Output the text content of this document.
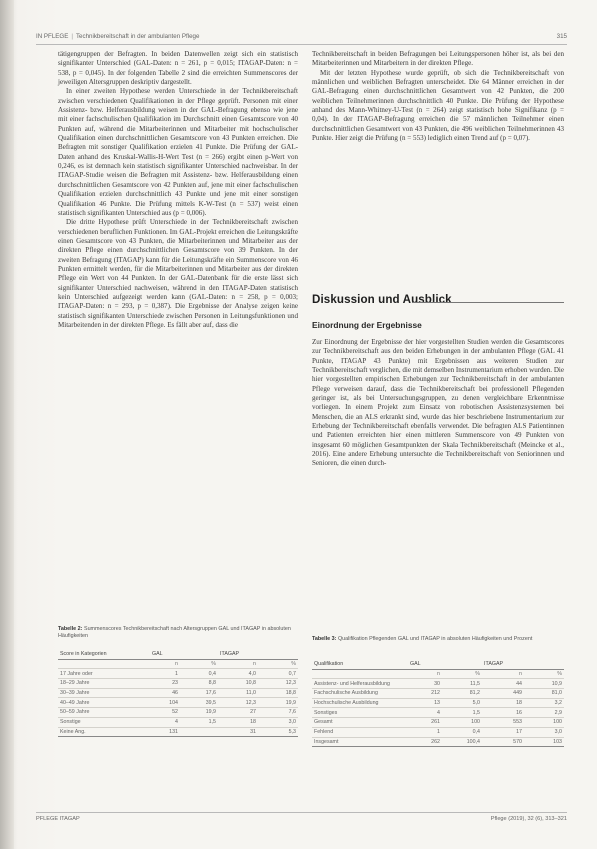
IN PFLEGE | Technikbereitschaft in der ambulanten Pflege	315

tätigengruppen der Befragten. In beiden Datenwellen zeigt sich ein statistisch signifikanter Unterschied (GAL-Daten: n = 261, p = 0,015; ITAGAP-Daten: n = 538, p = 0,045). In der folgenden Tabelle 2 sind die erreichten Summenscores der jeweiligen Altersgruppen deskriptiv dargestellt.

In einer zweiten Hypothese werden Unterschiede in der Technikbereitschaft zwischen verschiedenen Qualifikationen in der Pflege geprüft. Personen mit einer Assistenz- bzw. Helferausbildung weisen in der GAL-Befragung ebenso wie jene mit einer fachschulischen Qualifikation im Durchschnitt einen Gesamtscore von 40 Punkten auf, während die Mitarbeiterinnen und Mitarbeiter mit hochschulischer Qualifikation einen durchschnittlichen Gesamtscore von 43 Punkten erreichen. Die Befragten mit sonstiger Qualifikation erzielen 41 Punkte. Die Prüfung der GAL-Daten anhand des Kruskal-Wallis-H-Wert Test (n = 266) ergibt einen p-Wert von 0,246, es ist demnach kein statistisch signifikanter Unterschied nachweisbar. In der ITAGAP-Studie weisen die Befragten mit Assistenz- bzw. Helferausbildung einen durchschnittlichen Gesamtscore von 42 Punkten auf, jene mit einer fachschulischen Qualifikation erzielen durchschnittlich 43 Punkte und jene mit einer sonstigen Qualifikation 46 Punkte. Die Prüfung mittels K-W-Test (n = 537) weist einen statistisch signifikanten Unterschied aus (p = 0,006).

Die dritte Hypothese prüft Unterschiede in der Technikbereitschaft zwischen verschiedenen beruflichen Funktionen. Im GAL-Projekt erreichen die Leitungskräfte einen Gesamtscore von 43 Punkten, die Mitarbeiterinnen und Mitarbeiter aus der direkten Pflege einen durchschnittlichen Gesamtscore von 39 Punkten. In der zweiten Befragung (ITAGAP) kann für die Leitungskräfte ein Summenscore von 46 Punkten ermittelt werden, für die Mitarbeiterinnen und Mitarbeiter aus der direkten Pflege ein Wert von 44 Punkten. In der GAL-Datenbank für die erste lässt sich signifikanter Unterschied nachweisen, während in den ITAGAP-Daten statistisch kein Unterschied aufgezeigt werden kann (GAL-Daten: n = 258, p = 0,003; ITAGAP-Daten: n = 293, p = 0,387). Die Ergebnisse der Analyse zeigen keine statistisch signifikanten Unterschiede zwischen Personen in Leitungsfunktionen und Mitarbeitenden in der direkten Pflege. Es fällt aber auf, dass die

Technikbereitschaft in beiden Befragungen bei Leitungspersonen höher ist, als bei den Mitarbeiterinnen und Mitarbeitern in der direkten Pflege.

Mit der letzten Hypothese wurde geprüft, ob sich die Technikbereitschaft von männlichen und weiblichen Befragten unterscheidet. Die 64 Männer erreichen in der GAL-Befragung einen durchschnittlichen Gesamtwert von 42 Punkten, die 200 weiblichen Teilnehmerinnen durchschnittlich 40 Punkte. Die Prüfung der Hypothese anhand des Mann-Whitney-U-Test (n = 264) zeigt statistisch hohe Signifikanz (p = 0,04). In der ITAGAP-Befragung erreichen die 57 männlichen Teilnehmer einen durchschnittlichen Gesamtwert von 43 Punkten, die 496 weiblichen Teilnehmerinnen 43 Punkte. Hier zeigt die Prüfung (n = 553) lediglich einen Trend auf (p = 0,07).

Diskussion und Ausblick
Einordnung der Ergebnisse

Zur Einordnung der Ergebnisse der hier vorgestellten Studien werden die Gesamtscores zur Technikbereitschaft aus den beiden Erhebungen in der ambulanten Pflege (GAL 41 Punkte, ITAGAP 43 Punkte) mit Ergebnissen aus weiteren Studien zur Technikbereitschaft verglichen, die mit demselben Instrumentarium erhoben wurden. Die hier vorgestellten empirischen Erhebungen zur Technikbereitschaft in der ambulanten Pflege verweisen darauf, dass die Technikbereitschaft bei professionell Pflegenden geringer ist, als bei Untersuchungsgruppen, zu denen vergleichbare Erkenntnisse vorliegen. In einem Projekt zum Einsatz von robotischen Assistenzsystemen bei Menschen, die an ALS erkrankt sind, wurde das hier beschriebene Instrumentarium zur Erhebung der Technikbereitschaft ebenfalls verwendet. Die befragten ALS Patientinnen und Patienten erreichten hier einen mittleren Summenscore von 49 Punkten von insgesamt 60 möglichen Gesamtpunkten der Skala Technikbereitschaft (Meincke et al., 2016). Eine andere Erhebung untersuchte die Technikbereitschaft von Seniorinnen und Senioren, die einen durch-

Tabelle 2: Summenscores Technikbereitschaft nach Altersgruppen GAL und ITAGAP in absoluten Häufigkeiten
Score in Kategorien	GAL		ITAGAP	
	n	%	n	%
17 Jahre oder	1	0,4	4,0	0,7
18–29 Jahre	23	8,8	10,8	12,3
30–39 Jahre	46	17,6	11,0	18,8
40–49 Jahre	104	39,5	12,3	19,9
50–59 Jahre	52	19,9	27	7,6
Sonstige	4	1,5	18	3,0
Keine Ang.	131		31	5,3
Tabelle 3: Qualifikation Pflegenden GAL und ITAGAP in absoluten Häufigkeiten und Prozent
Qualifikation	GAL		ITAGAP	
	n	%	n	%
Assistenz- und Helferausbildung	30	11,5	44	10,9
Fachschulische Ausbildung	212	81,2	449	81,0
Hochschulische Ausbildung	13	5,0	18	3,2
Sonstiges	4	1,5	16	2,9
Gesamt	261	100	553	100
Fehlend	1	0,4	17	3,0
Insgesamt	262	100,4	570	103
PFLEGE ITAGAP	Pflege (2019), 32 (6), 313–321
